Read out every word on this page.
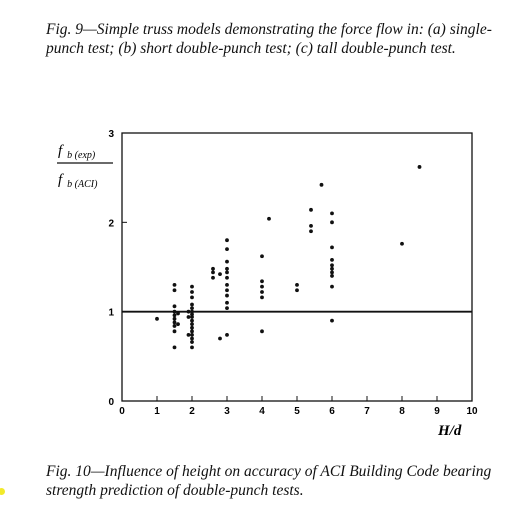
Fig. 9—Simple truss models demonstrating the force flow in: (a) single-punch test; (b) short double-punch test; (c) tall double-punch test.

0	1	2	3	4	5	6	7	8	9	10
0
1
2
3
f b (exp)
f b (ACI)
H/d

Fig. 10—Influence of height on accuracy of ACI Building Code bearing strength prediction of double-punch tests.
